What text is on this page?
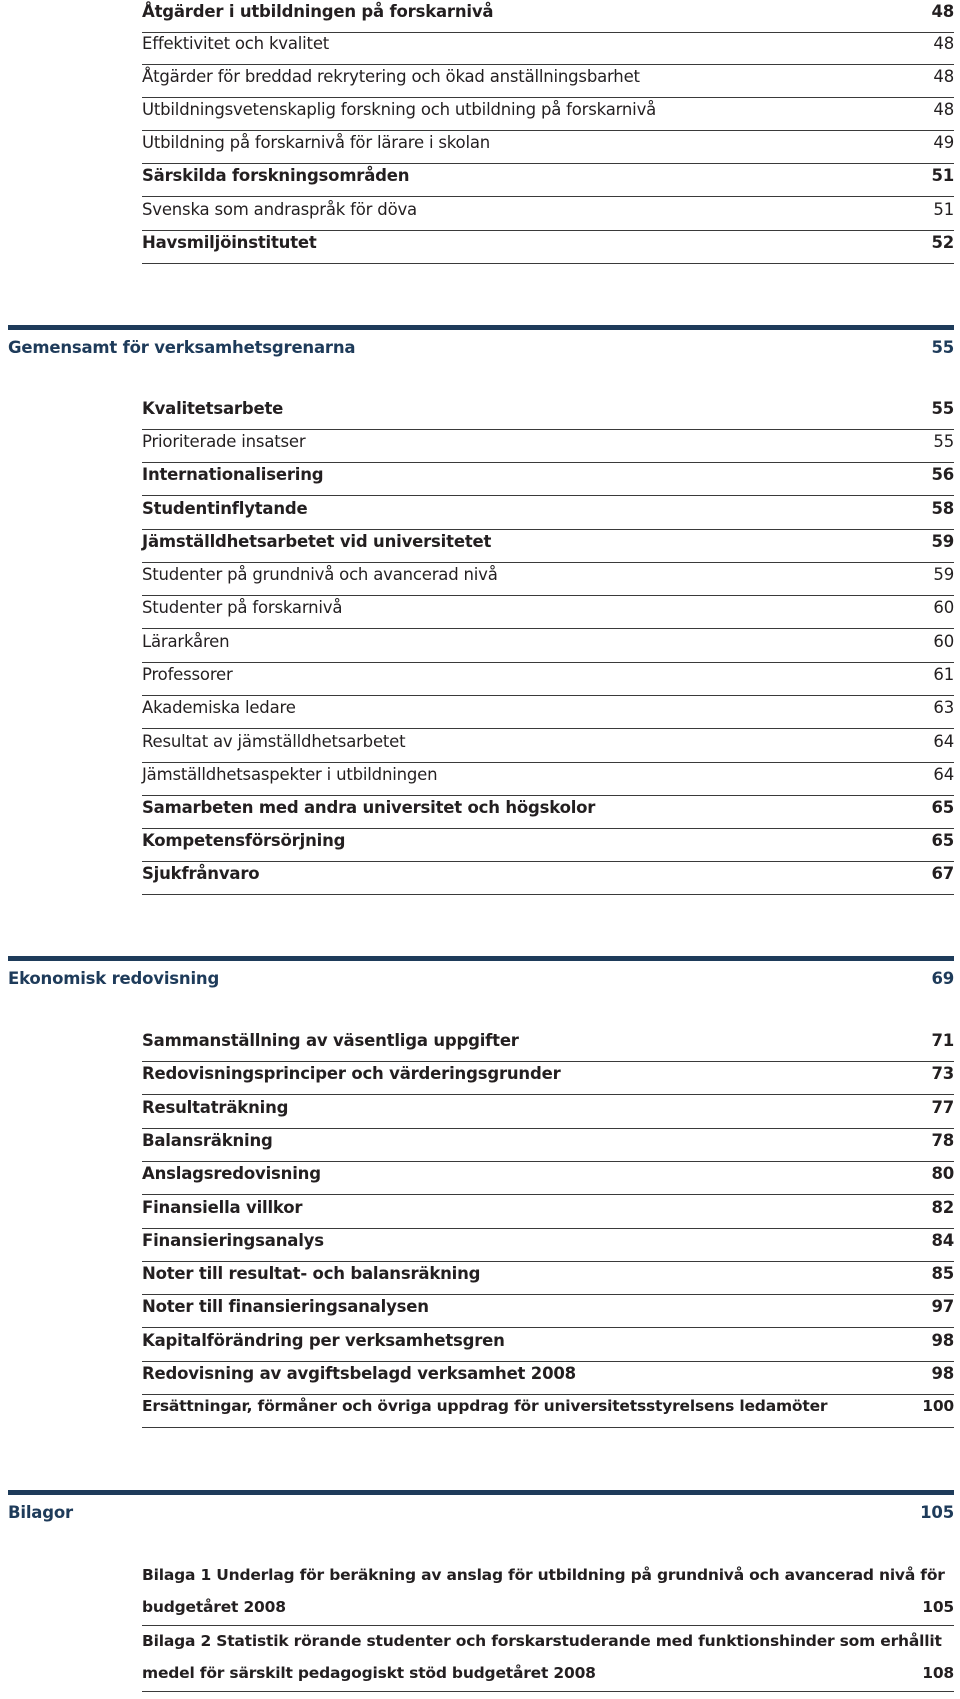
Åtgärder i utbildningen på forskarnivå	48
Effektivitet och kvalitet	48
Åtgärder för breddad rekrytering och ökad anställningsbarhet	48
Utbildningsvetenskaplig forskning och utbildning på forskarnivå	48
Utbildning på forskarnivå för lärare i skolan	49
Särskilda forskningsområden	51
Svenska som andraspråk för döva	51
Havsmiljöinstitutet	52
Gemensamt för verksamhetsgrenarna	55
Kvalitetsarbete	55
Prioriterade insatser	55
Internationalisering	56
Studentinflytande	58
Jämställdhetsarbetet vid universitetet	59
Studenter på grundnivå och avancerad nivå	59
Studenter på forskarnivå	60
Lärarkåren	60
Professorer	61
Akademiska ledare	63
Resultat av jämställdhetsarbetet	64
Jämställdhetsaspekter i utbildningen	64
Samarbeten med andra universitet och högskolor	65
Kompetensförsörjning	65
Sjukfrånvaro	67
Ekonomisk redovisning	69
Sammanställning av väsentliga uppgifter	71
Redovisningsprinciper och värderingsgrunder	73
Resultaträkning	77
Balansräkning	78
Anslagsredovisning	80
Finansiella villkor	82
Finansieringsanalys	84
Noter till resultat- och balansräkning	85
Noter till finansieringsanalysen	97
Kapitalförändring per verksamhetsgren	98
Redovisning av avgiftsbelagd verksamhet 2008	98
Ersättningar, förmåner och övriga uppdrag för universitetsstyrelsens ledamöter	100
Bilagor	105
Bilaga 1 Underlag för beräkning av anslag för utbildning på grundnivå och avancerad nivå för
budgetåret 2008	105
Bilaga 2 Statistik rörande studenter och forskarstuderande med funktionshinder som erhållit
medel för särskilt pedagogiskt stöd budgetåret 2008	108
